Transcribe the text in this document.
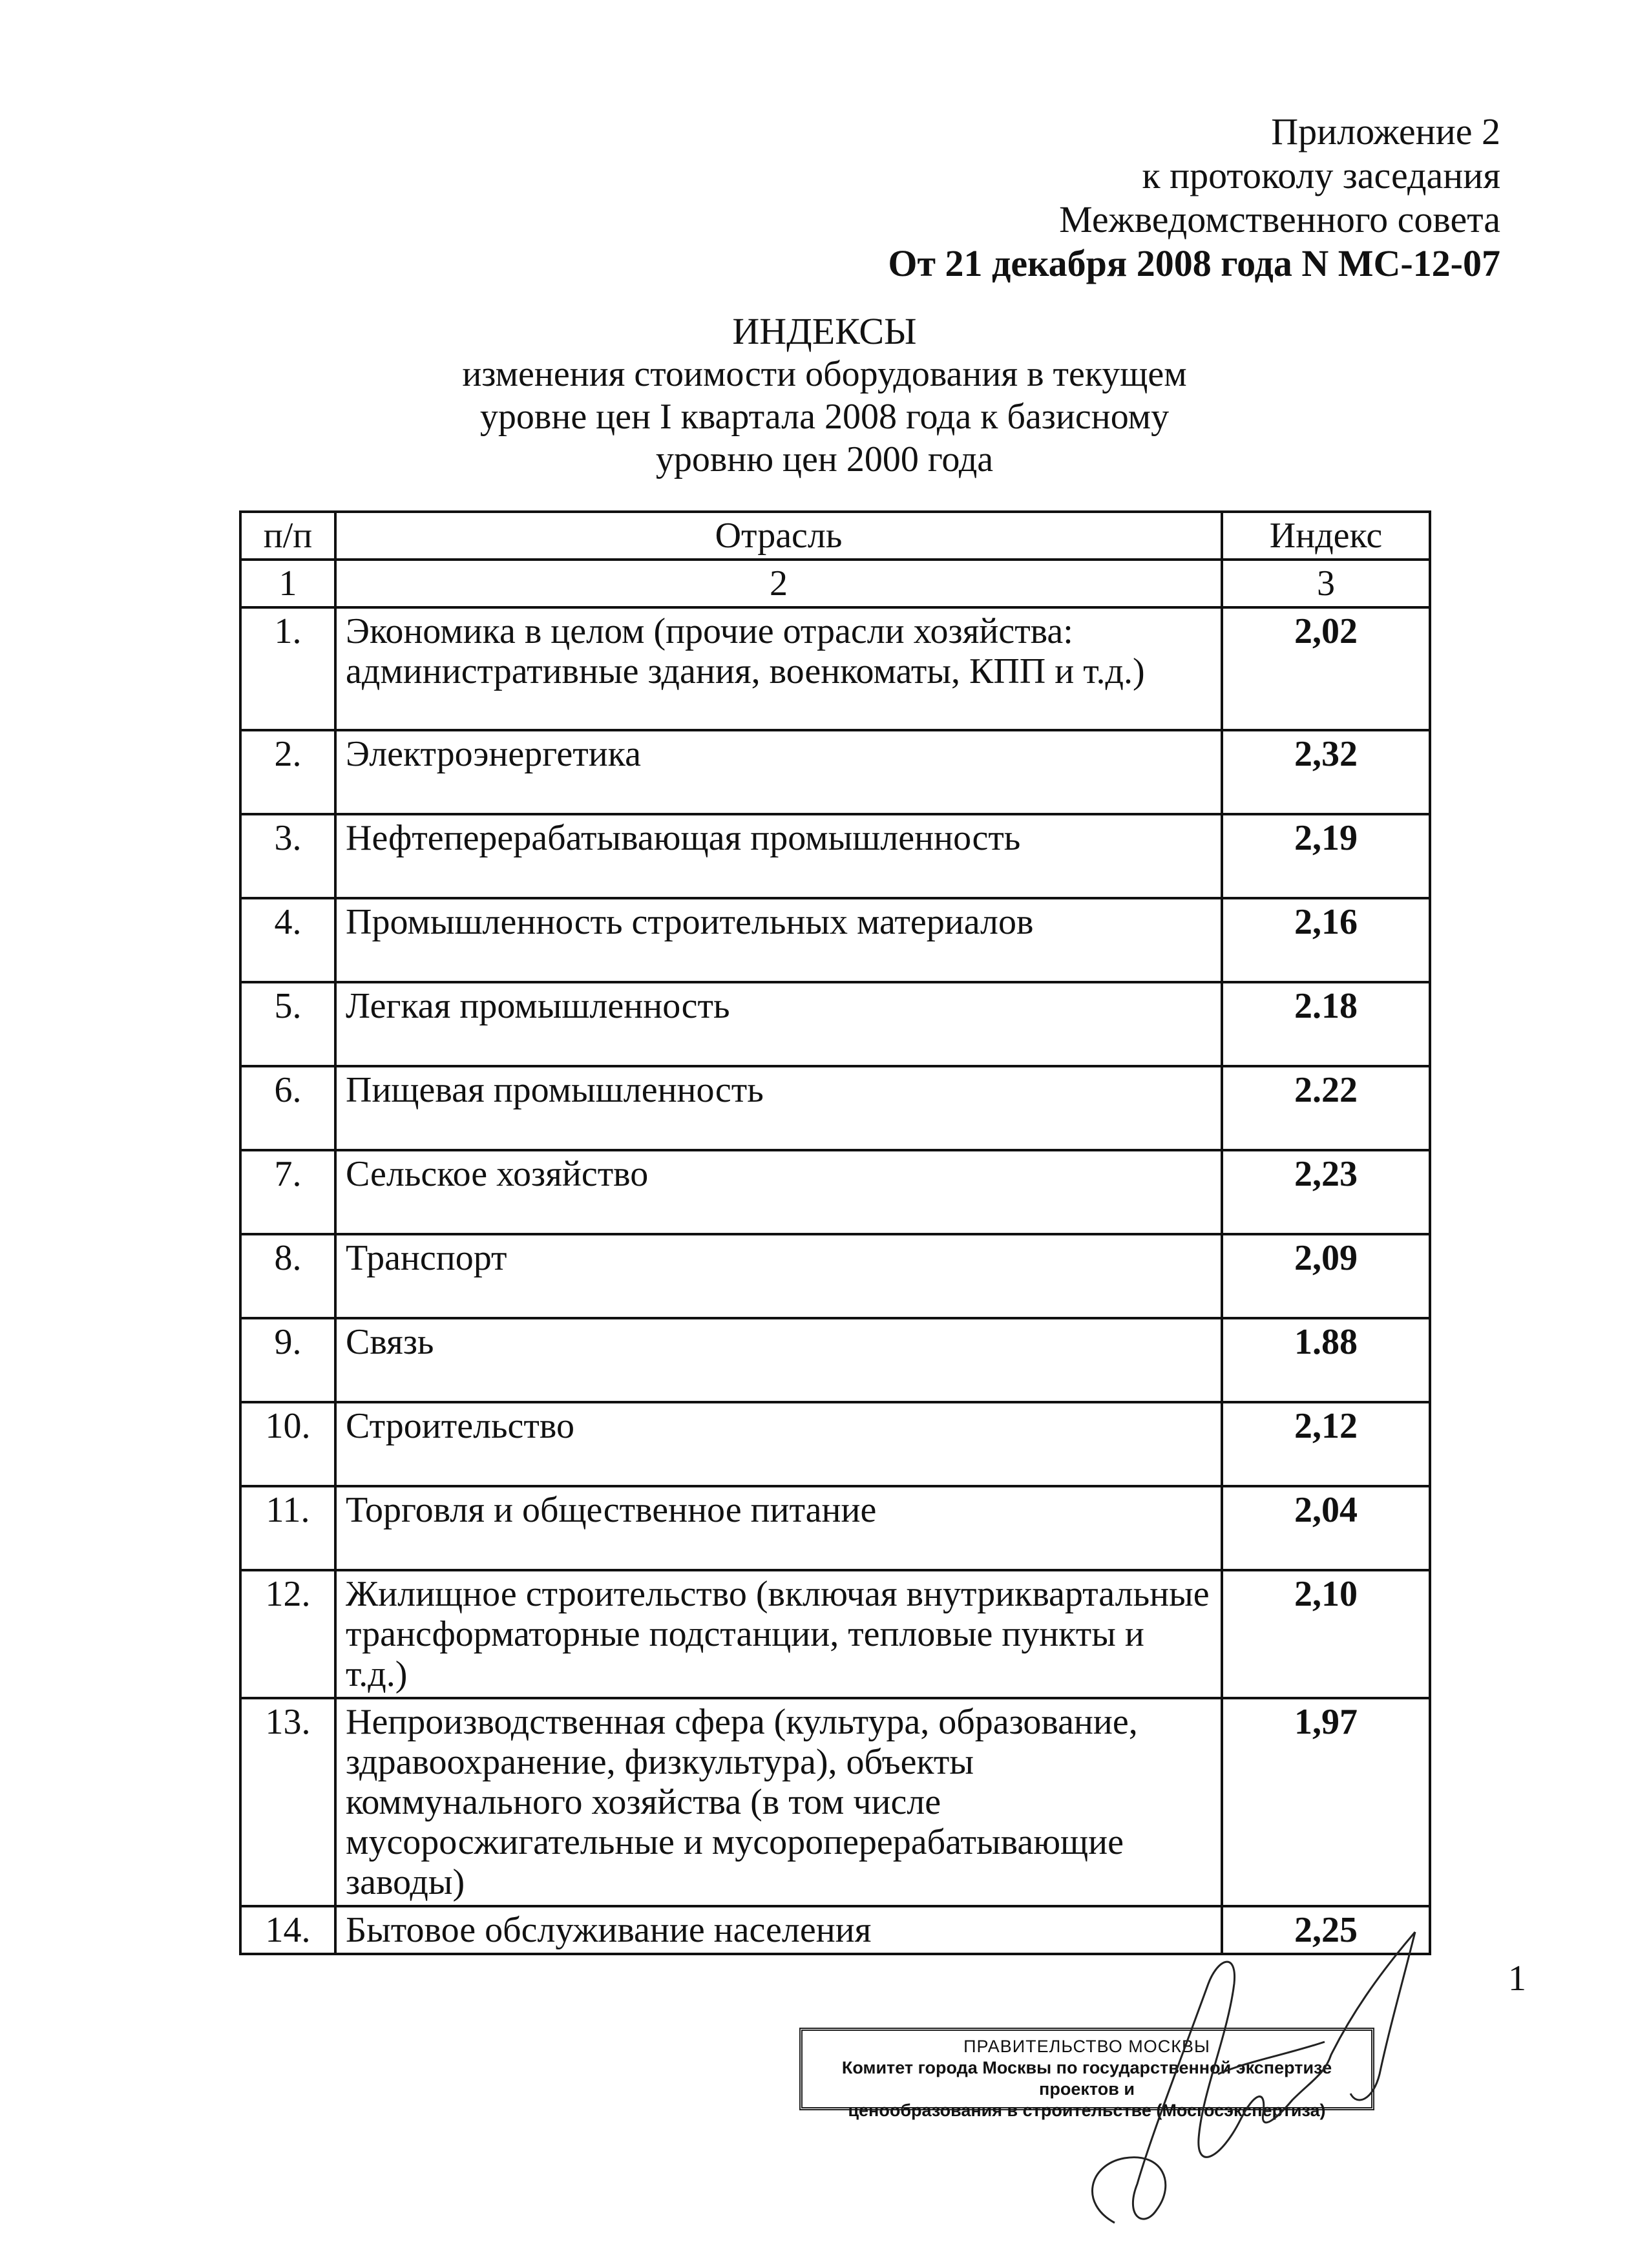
Приложение 2
к протоколу заседания
Межведомственного совета
От 21 декабря 2008 года N МС-12-07
ИНДЕКСЫ
изменения стоимости оборудования в текущем
уровне цен I квартала 2008 года к базисному
уровню цен 2000 года
п/п	Отрасль	Индекс
1	2	3
1.	Экономика в целом (прочие отрасли хозяйства: административные здания, военкоматы, КПП и т.д.)	2,02
2.	Электроэнергетика	2,32
3.	Нефтеперерабатывающая промышленность	2,19
4.	Промышленность строительных материалов	2,16
5.	Легкая промышленность	2.18
6.	Пищевая промышленность	2.22
7.	Сельское хозяйство	2,23
8.	Транспорт	2,09
9.	Связь	1.88
10.	Строительство	2,12
11.	Торговля и общественное питание	2,04
12.	Жилищное строительство (включая внутриквартальные трансформаторные подстанции, тепловые пункты и т.д.)	2,10
13.	Непроизводственная сфера (культура, образование, здравоохранение, физкультура), объекты коммунального хозяйства (в том числе мусоросжигательные и мусороперерабатывающие заводы)	1,97
14.	Бытовое обслуживание населения	2,25
1
ПРАВИТЕЛЬСТВО МОСКВЫ
Комитет города Москвы по государственной экспертизе проектов и
ценообразования в строительстве (Мосгосэкспертиза)
